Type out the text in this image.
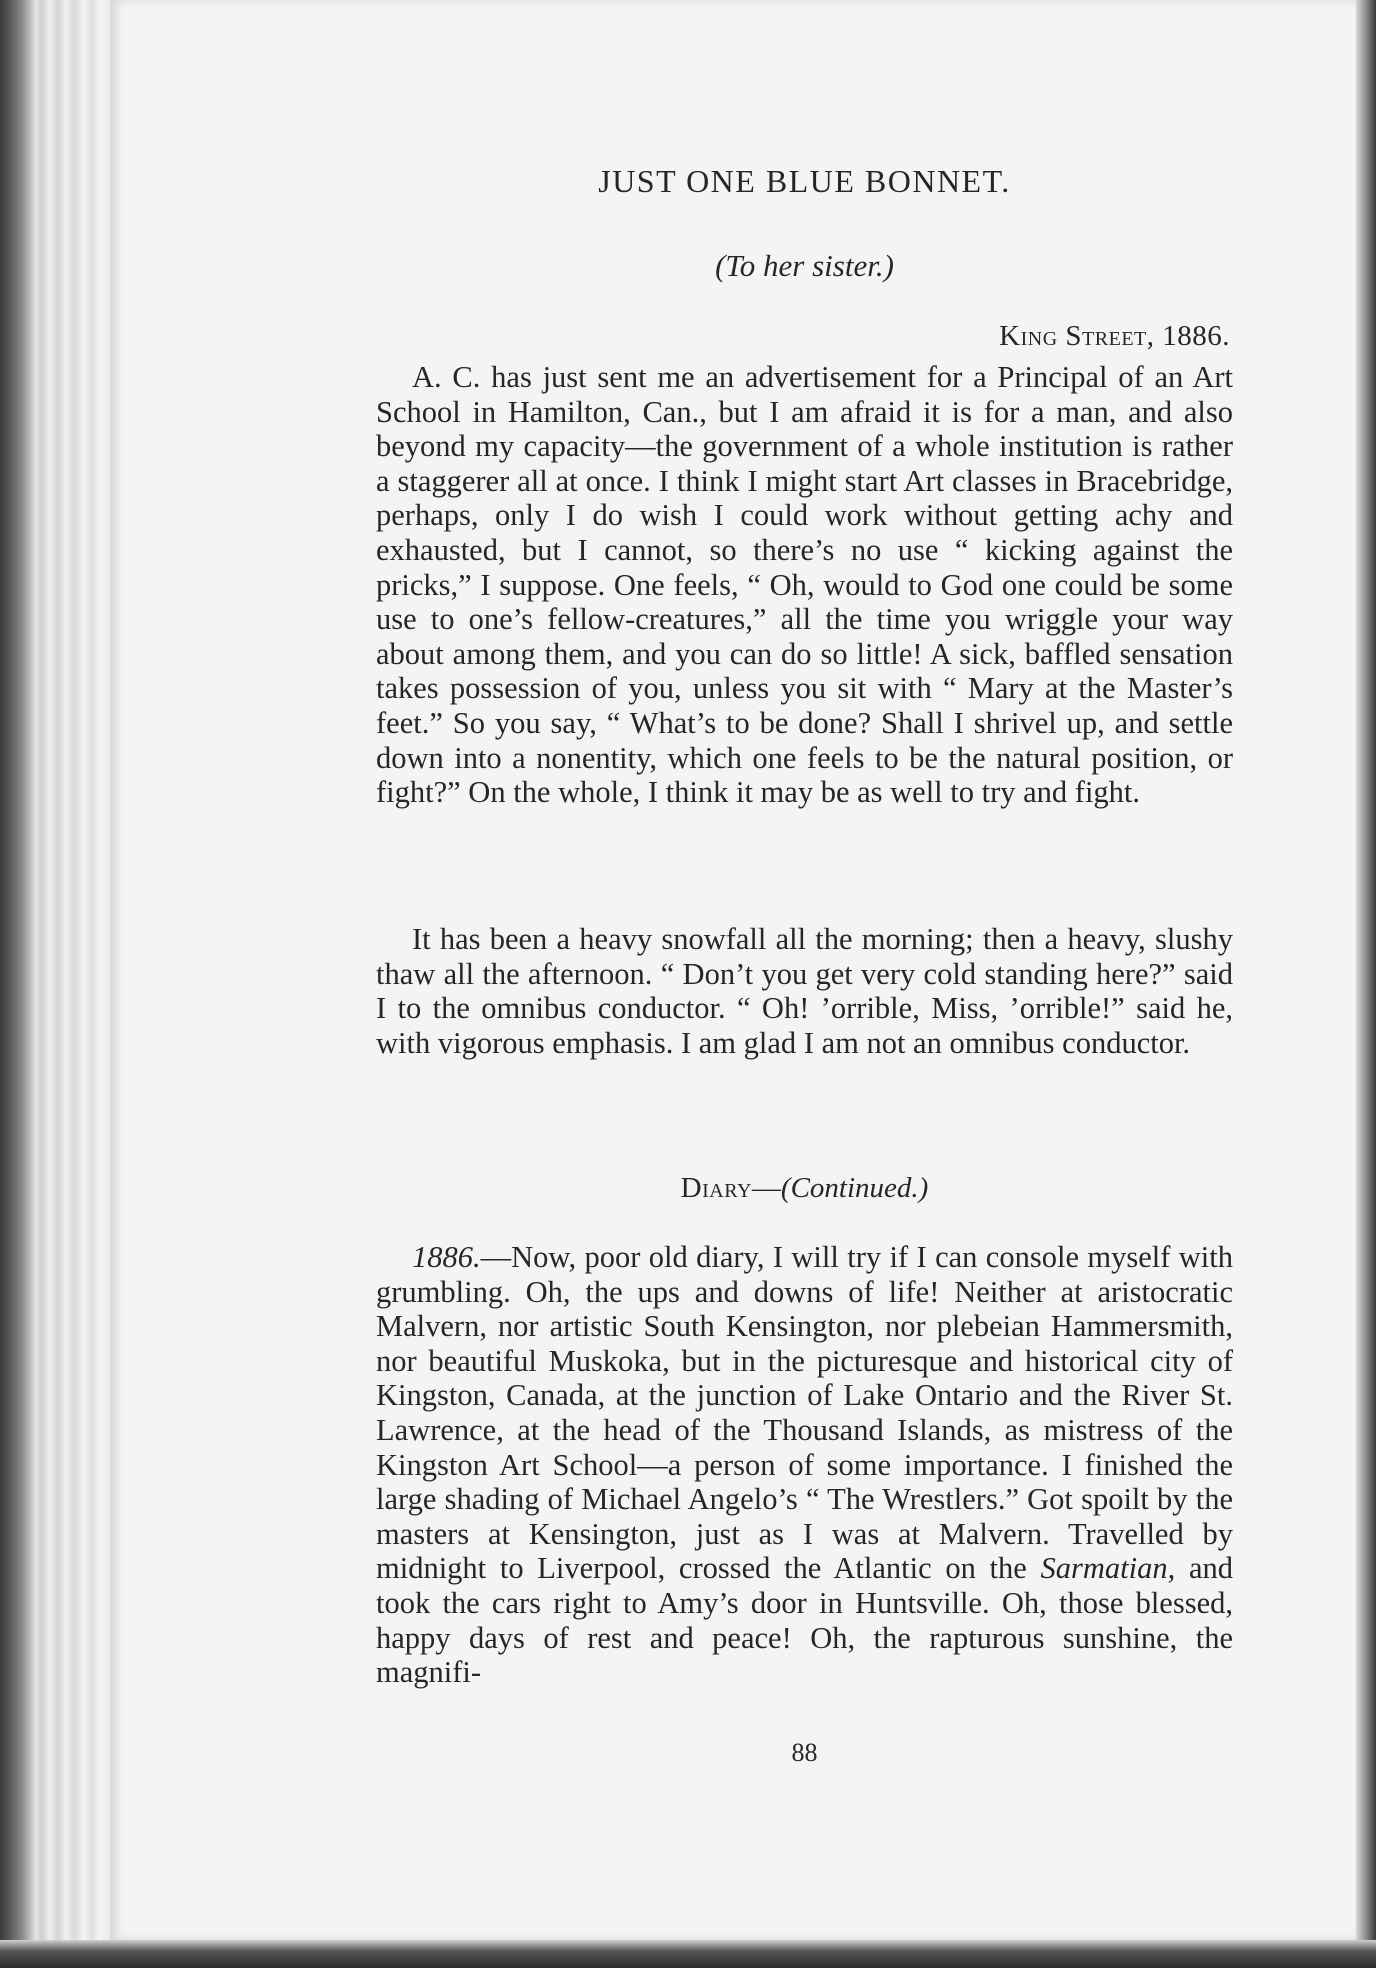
JUST ONE BLUE BONNET.
(To her sister.)
King Street, 1886.

A. C. has just sent me an advertisement for a Principal of an Art School in Hamilton, Can., but I am afraid it is for a man, and also beyond my capacity—the government of a whole institution is rather a staggerer all at once. I think I might start Art classes in Bracebridge, perhaps, only I do wish I could work without getting achy and exhausted, but I cannot, so there’s no use “ kicking against the pricks,” I suppose. One feels, “ Oh, would to God one could be some use to one’s fellow-creatures,” all the time you wriggle your way about among them, and you can do so little! A sick, baffled sensation takes possession of you, unless you sit with “ Mary at the Master’s feet.” So you say, “ What’s to be done? Shall I shrivel up, and settle down into a nonentity, which one feels to be the natural position, or fight?” On the whole, I think it may be as well to try and fight.

It has been a heavy snowfall all the morning; then a heavy, slushy thaw all the afternoon. “ Don’t you get very cold standing here?” said I to the omnibus conductor. “ Oh! ’orrible, Miss, ’orrible!” said he, with vigorous emphasis. I am glad I am not an omnibus conductor.

Diary—(Continued.)

1886.—Now, poor old diary, I will try if I can console myself with grumbling. Oh, the ups and downs of life! Neither at aristocratic Malvern, nor artistic South Kensington, nor plebeian Hammersmith, nor beautiful Muskoka, but in the picturesque and historical city of Kingston, Canada, at the junction of Lake Ontario and the River St. Lawrence, at the head of the Thousand Islands, as mistress of the Kingston Art School—a person of some importance. I finished the large shading of Michael Angelo’s “ The Wrestlers.” Got spoilt by the masters at Kensington, just as I was at Malvern. Travelled by midnight to Liverpool, crossed the Atlantic on the Sarmatian, and took the cars right to Amy’s door in Huntsville. Oh, those blessed, happy days of rest and peace! Oh, the rapturous sunshine, the magnifi-

88
